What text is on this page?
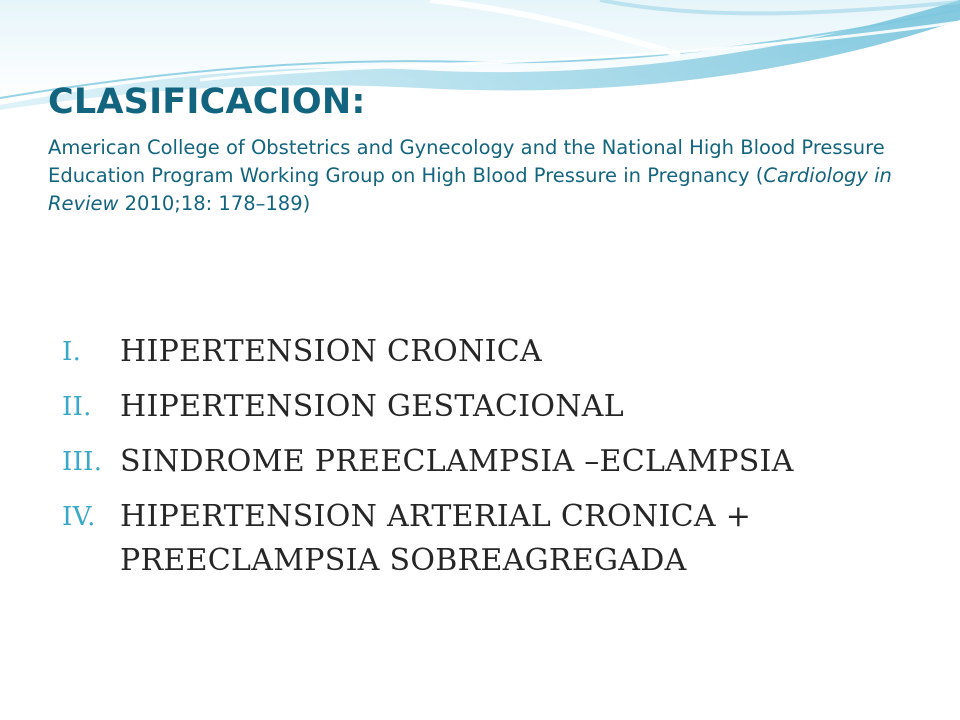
CLASIFICACION:
American College of Obstetrics and Gynecology and the National High Blood Pressure Education Program Working Group on High Blood Pressure in Pregnancy (Cardiology in Review 2010;18: 178–189)
I. HIPERTENSION CRONICA
II. HIPERTENSION GESTACIONAL
III. SINDROME PREECLAMPSIA –ECLAMPSIA
IV. HIPERTENSION ARTERIAL CRONICA + PREECLAMPSIA SOBREAGREGADA
